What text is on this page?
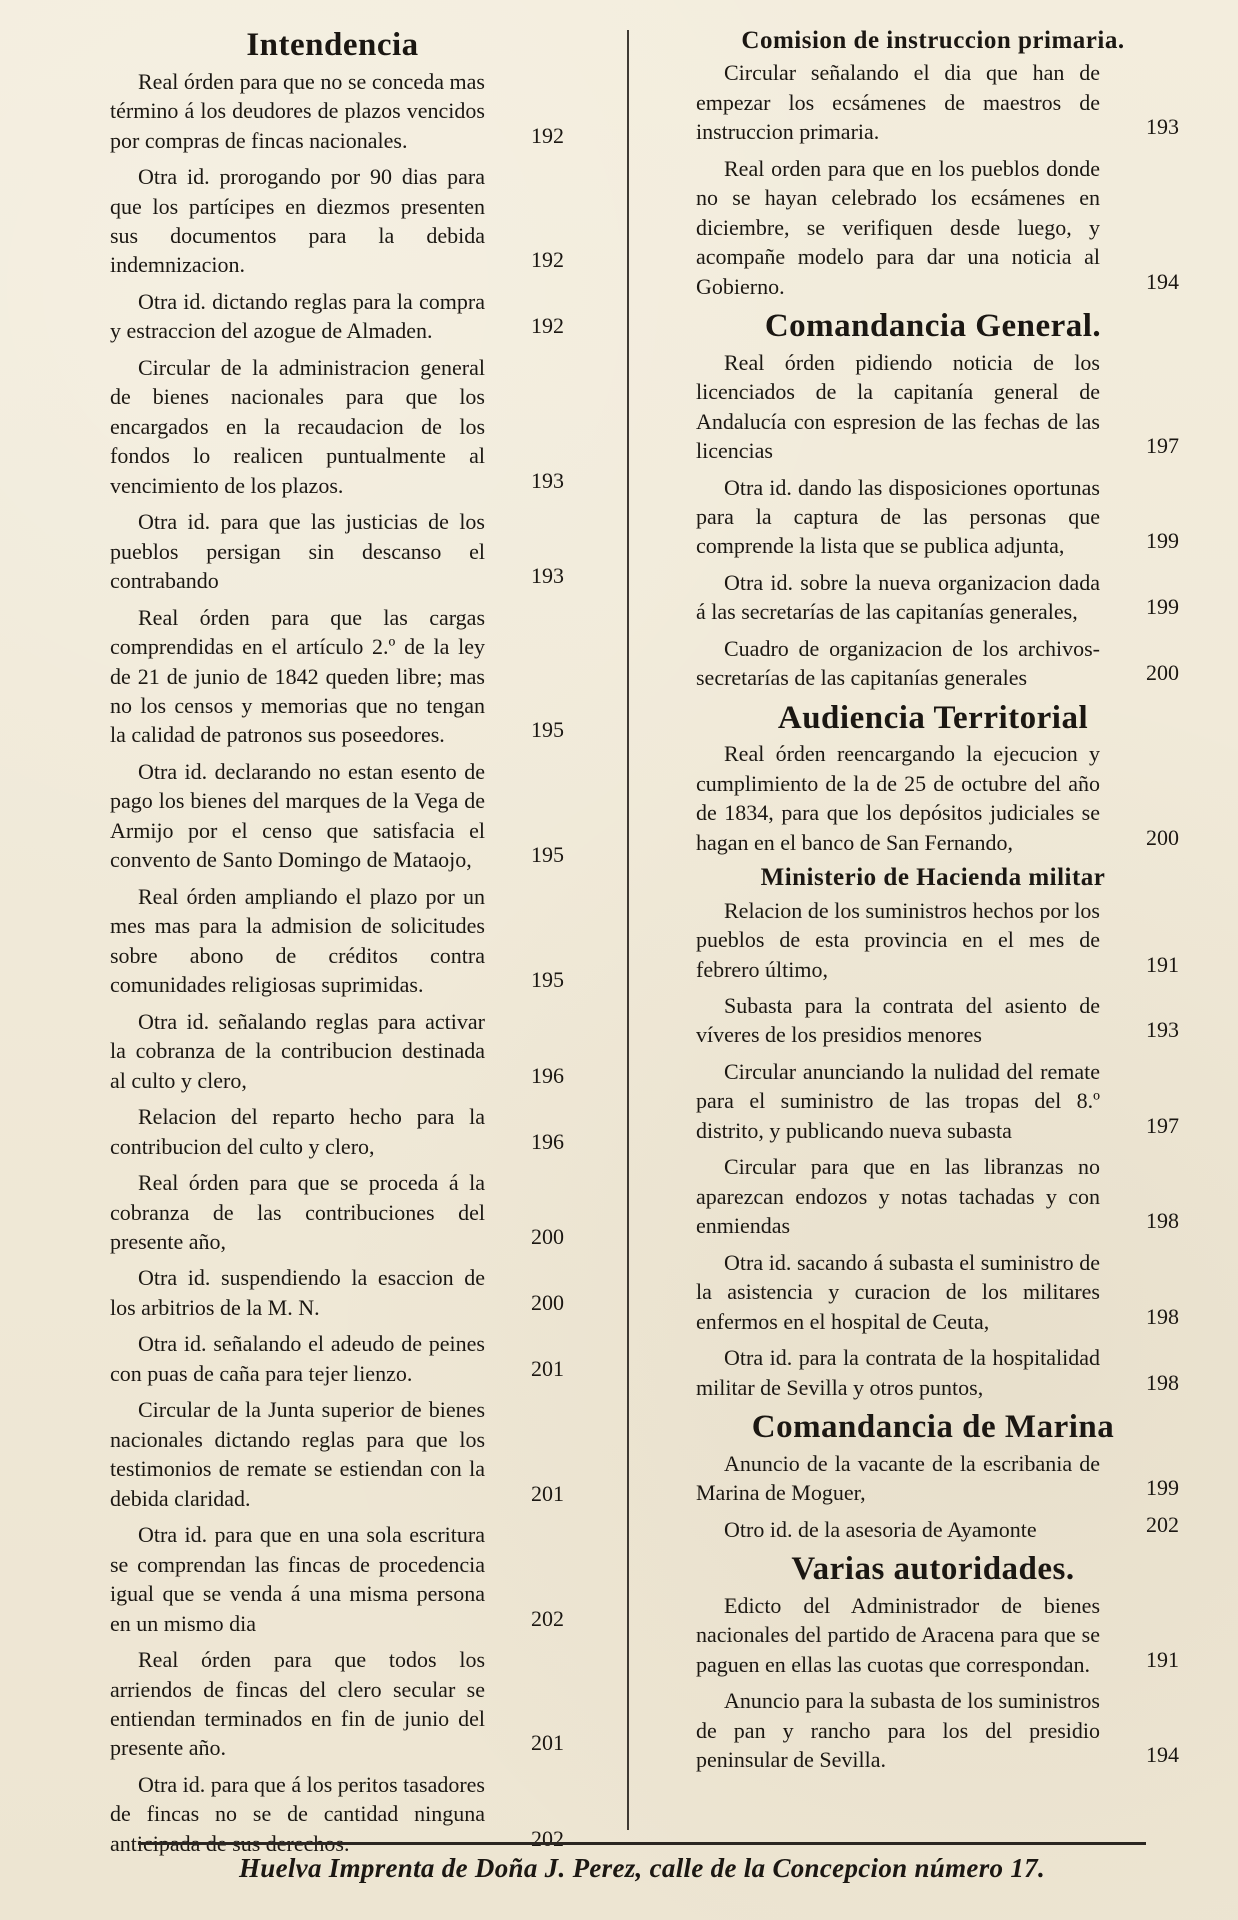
Intendencia
Real órden para que no se conceda mas término á los deudores de plazos vencidos por compras de fincas nacionales.	192
Otra id. prorogando por 90 dias para que los partícipes en diezmos presenten sus documentos para la debida indemnizacion.	192
Otra id. dictando reglas para la compra y estraccion del azogue de Almaden.	192
Circular de la administracion general de bienes nacionales para que los encargados en la recaudacion de los fondos lo realicen puntualmente al vencimiento de los plazos.	193
Otra id. para que las justicias de los pueblos persigan sin descanso el contrabando	193
Real órden para que las cargas comprendidas en el artículo 2.º de la ley de 21 de junio de 1842 queden libre; mas no los censos y memorias que no tengan la calidad de patronos sus poseedores.	195
Otra id. declarando no estan esento de pago los bienes del marques de la Vega de Armijo por el censo que satisfacia el convento de Santo Domingo de Mataojo,	195
Real órden ampliando el plazo por un mes mas para la admision de solicitudes sobre abono de créditos contra comunidades religiosas suprimidas.	195
Otra id. señalando reglas para activar la cobranza de la contribucion destinada al culto y clero,	196
Relacion del reparto hecho para la contribucion del culto y clero,	196
Real órden para que se proceda á la cobranza de las contribuciones del presente año,	200
Otra id. suspendiendo la esaccion de los arbitrios de la M. N.	200
Otra id. señalando el adeudo de peines con puas de caña para tejer lienzo.	201
Circular de la Junta superior de bienes nacionales dictando reglas para que los testimonios de remate se estiendan con la debida claridad.	201
Otra id. para que en una sola escritura se comprendan las fincas de procedencia igual que se venda á una misma persona en un mismo dia	202
Real órden para que todos los arriendos de fincas del clero secular se entiendan terminados en fin de junio del presente año.	201
Otra id. para que á los peritos tasadores de fincas no se de cantidad ninguna anticipada de sus derechos.	202
Comision de instruccion primaria.
Circular señalando el dia que han de empezar los ecsámenes de maestros de instruccion primaria.	193
Real orden para que en los pueblos donde no se hayan celebrado los ecsámenes en diciembre, se verifiquen desde luego, y acompañe modelo para dar una noticia al Gobierno.	194
Comandancia General.
Real órden pidiendo noticia de los licenciados de la capitanía general de Andalucía con espresion de las fechas de las licencias	197
Otra id. dando las disposiciones oportunas para la captura de las personas que comprende la lista que se publica adjunta,	199
Otra id. sobre la nueva organizacion dada á las secretarías de las capitanías generales,	199
Cuadro de organizacion de los archivos-secretarías de las capitanías generales	200
Audiencia Territorial
Real órden reencargando la ejecucion y cumplimiento de la de 25 de octubre del año de 1834, para que los depósitos judiciales se hagan en el banco de San Fernando,	200
Ministerio de Hacienda militar
Relacion de los suministros hechos por los pueblos de esta provincia en el mes de febrero último,	191
Subasta para la contrata del asiento de víveres de los presidios menores	193
Circular anunciando la nulidad del remate para el suministro de las tropas del 8.º distrito, y publicando nueva subasta	197
Circular para que en las libranzas no aparezcan endozos y notas tachadas y con enmiendas	198
Otra id. sacando á subasta el suministro de la asistencia y curacion de los militares enfermos en el hospital de Ceuta,	198
Otra id. para la contrata de la hospitalidad militar de Sevilla y otros puntos,	198
Comandancia de Marina
Anuncio de la vacante de la escribania de Marina de Moguer,	199
Otro id. de la asesoria de Ayamonte	202
Varias autoridades.
Edicto del Administrador de bienes nacionales del partido de Aracena para que se paguen en ellas las cuotas que correspondan.	191
Anuncio para la subasta de los suministros de pan y rancho para los del presidio peninsular de Sevilla.	194
Huelva Imprenta de Doña J. Perez, calle de la Concepcion número 17.
